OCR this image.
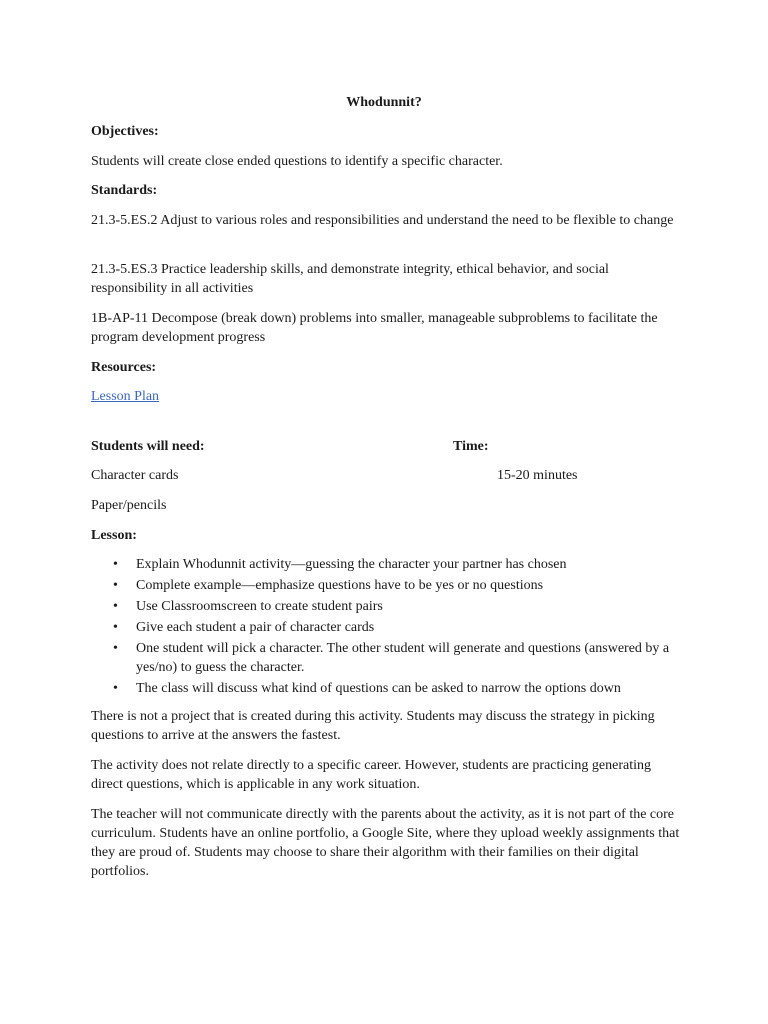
Whodunnit?

Objectives:

Students will create close ended questions to identify a specific character.

Standards:

21.3-5.ES.2 Adjust to various roles and responsibilities and understand the need to be flexible to change

21.3-5.ES.3 Practice leadership skills, and demonstrate integrity, ethical behavior, and social responsibility in all activities

1B-AP-11 Decompose (break down) problems into smaller, manageable subproblems to facilitate the program development progress

Resources:

Lesson Plan

Students will need:	Time:

Character cards	15-20 minutes

Paper/pencils

Lesson:

• Explain Whodunnit activity—guessing the character your partner has chosen
• Complete example—emphasize questions have to be yes or no questions
• Use Classroomscreen to create student pairs
• Give each student a pair of character cards
• One student will pick a character. The other student will generate and questions (answered by a yes/no) to guess the character.
• The class will discuss what kind of questions can be asked to narrow the options down

There is not a project that is created during this activity. Students may discuss the strategy in picking questions to arrive at the answers the fastest.

The activity does not relate directly to a specific career. However, students are practicing generating direct questions, which is applicable in any work situation.

The teacher will not communicate directly with the parents about the activity, as it is not part of the core curriculum. Students have an online portfolio, a Google Site, where they upload weekly assignments that they are proud of. Students may choose to share their algorithm with their families on their digital portfolios.
